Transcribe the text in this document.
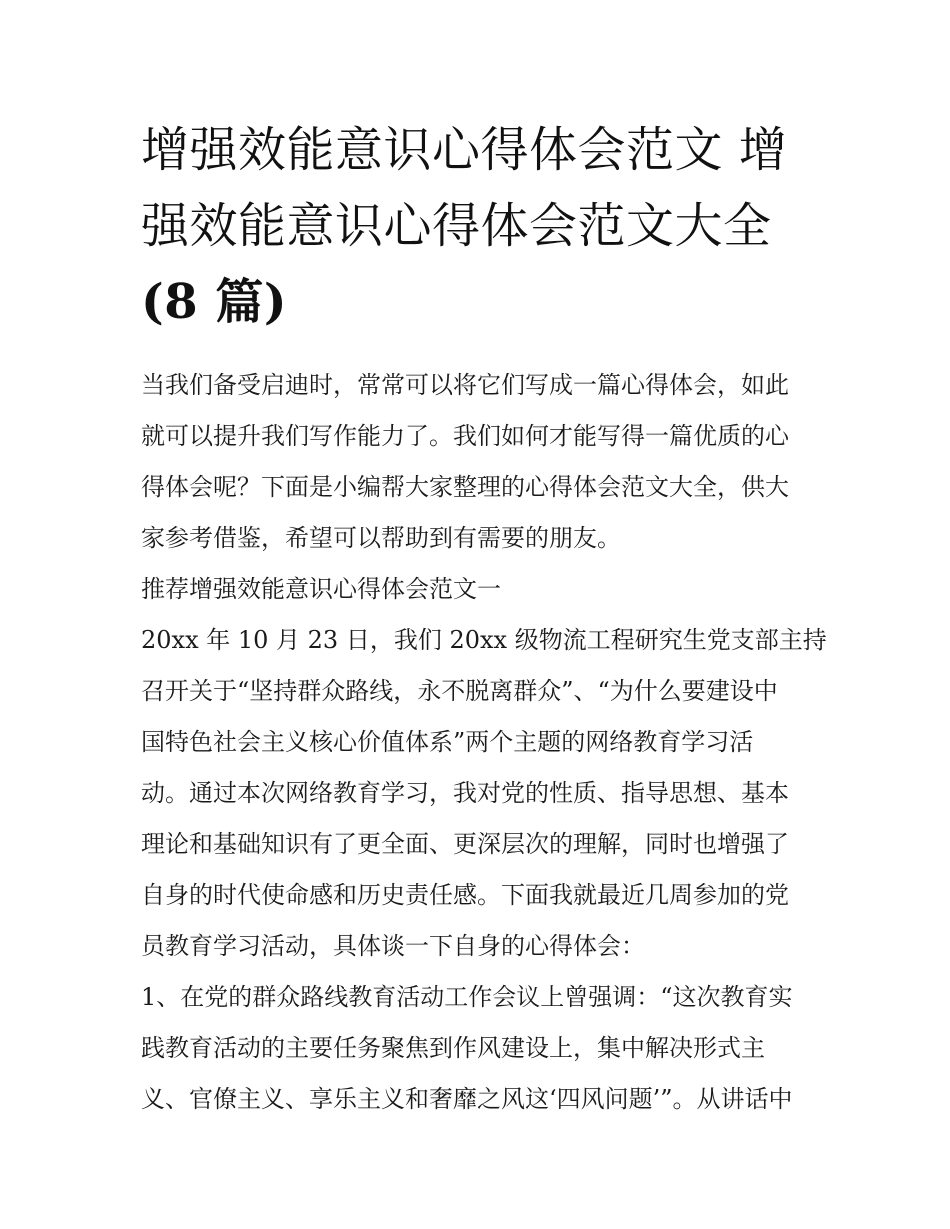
增强效能意识心得体会范文 增
强效能意识心得体会范文大全
(8 篇)
当我们备受启迪时，常常可以将它们写成一篇心得体会，如此
就可以提升我们写作能力了。我们如何才能写得一篇优质的心
得体会呢？下面是小编帮大家整理的心得体会范文大全，供大
家参考借鉴，希望可以帮助到有需要的朋友。
推荐增强效能意识心得体会范文一
20xx 年 10 月 23 日，我们 20xx 级物流工程研究生党支部主持
召开关于“坚持群众路线，永不脱离群众”、“为什么要建设中
国特色社会主义核心价值体系”两个主题的网络教育学习活
动。通过本次网络教育学习，我对党的性质、指导思想、基本
理论和基础知识有了更全面、更深层次的理解，同时也增强了
自身的时代使命感和历史责任感。下面我就最近几周参加的党
员教育学习活动，具体谈一下自身的心得体会：
1、在党的群众路线教育活动工作会议上曾强调：“这次教育实
践教育活动的主要任务聚焦到作风建设上，集中解决形式主
义、官僚主义、享乐主义和奢靡之风这‘四风问题’”。从讲话中
